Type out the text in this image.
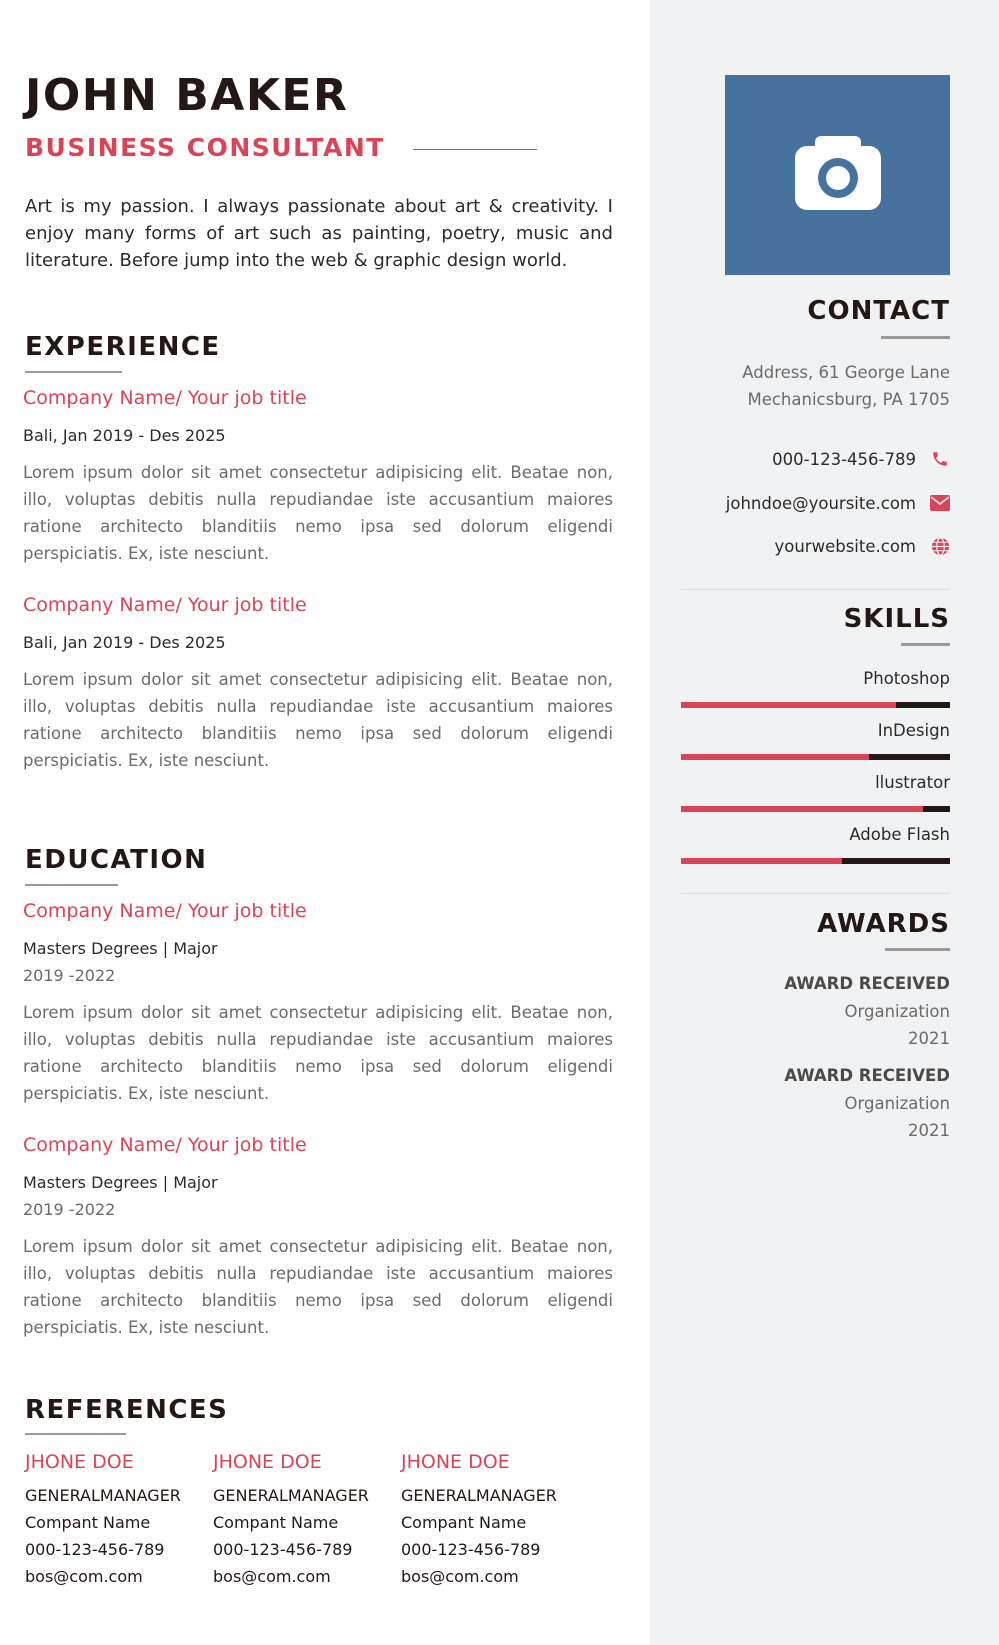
JOHN BAKER
BUSINESS CONSULTANT
Art is my passion. I always passionate about art & creativity. I enjoy many forms of art such as painting, poetry, music and literature. Before jump into the web & graphic design world.
EXPERIENCE
Company Name/ Your job title
Bali, Jan 2019 - Des 2025
Lorem ipsum dolor sit amet consectetur adipisicing elit. Beatae non, illo, voluptas debitis nulla repudiandae iste accusantium maiores ratione architecto blanditiis nemo ipsa sed dolorum eligendi perspiciatis. Ex, iste nesciunt.
Company Name/ Your job title
Bali, Jan 2019 - Des 2025
Lorem ipsum dolor sit amet consectetur adipisicing elit. Beatae non, illo, voluptas debitis nulla repudiandae iste accusantium maiores ratione architecto blanditiis nemo ipsa sed dolorum eligendi perspiciatis. Ex, iste nesciunt.
EDUCATION
Company Name/ Your job title
Masters Degrees | Major
2019 -2022
Lorem ipsum dolor sit amet consectetur adipisicing elit. Beatae non, illo, voluptas debitis nulla repudiandae iste accusantium maiores ratione architecto blanditiis nemo ipsa sed dolorum eligendi perspiciatis. Ex, iste nesciunt.
Company Name/ Your job title
Masters Degrees | Major
2019 -2022
Lorem ipsum dolor sit amet consectetur adipisicing elit. Beatae non, illo, voluptas debitis nulla repudiandae iste accusantium maiores ratione architecto blanditiis nemo ipsa sed dolorum eligendi perspiciatis. Ex, iste nesciunt.
REFERENCES
JHONE DOE
GENERALMANAGER
Compant Name
000-123-456-789
bos@com.com
JHONE DOE
GENERALMANAGER
Compant Name
000-123-456-789
bos@com.com
JHONE DOE
GENERALMANAGER
Compant Name
000-123-456-789
bos@com.com
CONTACT
Address, 61 George Lane
Mechanicsburg, PA 1705
000-123-456-789
johndoe@yoursite.com
yourwebsite.com
SKILLS
Photoshop
InDesign
llustrator
Adobe Flash
AWARDS
AWARD RECEIVED
Organization
2021
AWARD RECEIVED
Organization
2021
